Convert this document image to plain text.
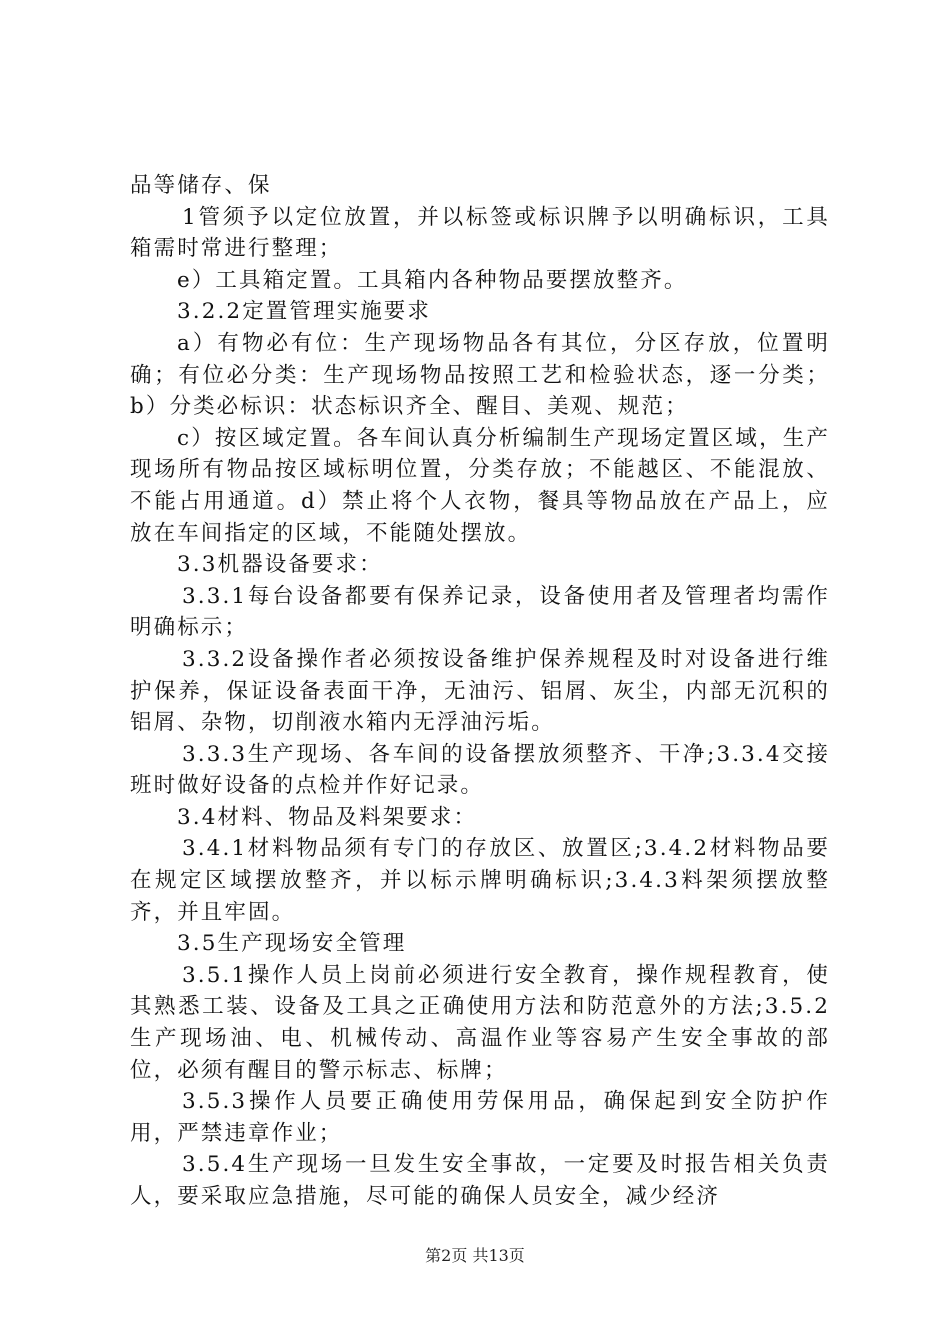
品等储存、保

1管须予以定位放置，并以标签或标识牌予以明确标识，工具箱需时常进行整理；

e）工具箱定置。工具箱内各种物品要摆放整齐。

3.2.2定置管理实施要求

a）有物必有位：生产现场物品各有其位，分区存放，位置明确；有位必分类：生产现场物品按照工艺和检验状态，逐一分类；b）分类必标识：状态标识齐全、醒目、美观、规范；

c）按区域定置。各车间认真分析编制生产现场定置区域，生产现场所有物品按区域标明位置，分类存放；不能越区、不能混放、不能占用通道。d）禁止将个人衣物，餐具等物品放在产品上，应放在车间指定的区域，不能随处摆放。

3.3机器设备要求：

3.3.1每台设备都要有保养记录，设备使用者及管理者均需作明确标示；

3.3.2设备操作者必须按设备维护保养规程及时对设备进行维护保养，保证设备表面干净，无油污、铝屑、灰尘，内部无沉积的铝屑、杂物，切削液水箱内无浮油污垢。

3.3.3生产现场、各车间的设备摆放须整齐、干净;3.3.4交接班时做好设备的点检并作好记录。

3.4材料、物品及料架要求：

3.4.1材料物品须有专门的存放区、放置区;3.4.2材料物品要在规定区域摆放整齐，并以标示牌明确标识;3.4.3料架须摆放整齐，并且牢固。

3.5生产现场安全管理

3.5.1操作人员上岗前必须进行安全教育，操作规程教育，使其熟悉工装、设备及工具之正确使用方法和防范意外的方法;3.5.2生产现场油、电、机械传动、高温作业等容易产生安全事故的部位，必须有醒目的警示标志、标牌；

3.5.3操作人员要正确使用劳保用品，确保起到安全防护作用，严禁违章作业；

3.5.4生产现场一旦发生安全事故，一定要及时报告相关负责人，要采取应急措施，尽可能的确保人员安全，减少经济

第2页 共13页
